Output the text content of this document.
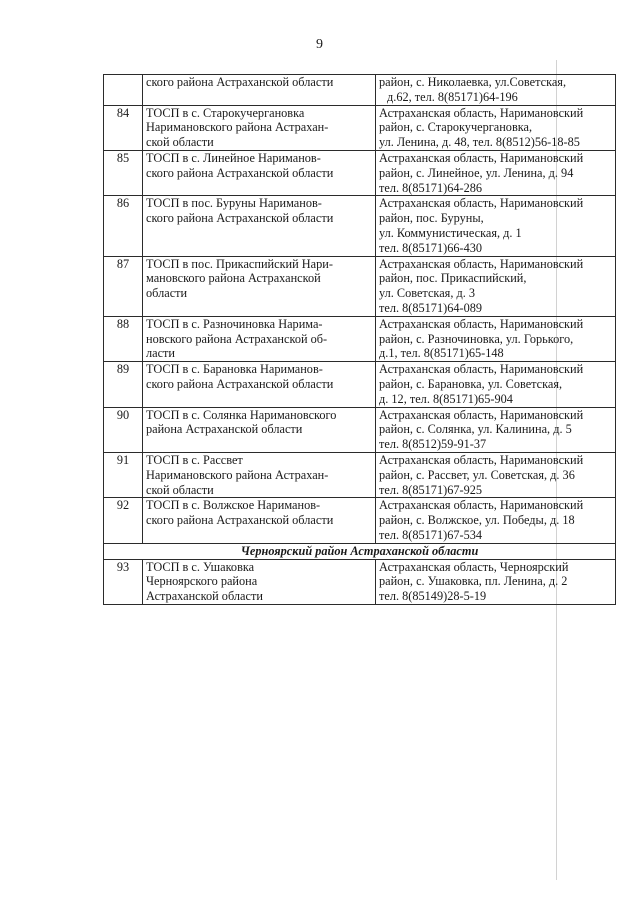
9

	ского района Астраханской области	район, с. Николаевка, ул.Советская,
д.62, тел. 8(85171)64-196

84	ТОСП в с. Старокучергановка
Наримановского района Астрахан-
ской области	Астраханская область, Наримановский
район, с. Старокучергановка,
ул. Ленина, д. 48, тел. 8(8512)56-18-85

85	ТОСП в с. Линейное Нариманов-
ского района Астраханской области	Астраханская область, Наримановский
район, с. Линейное, ул. Ленина, д. 94
тел. 8(85171)64-286

86	ТОСП в пос. Буруны Нариманов-
ского района Астраханской области	Астраханская область, Наримановский
район, пос. Буруны,
ул. Коммунистическая, д. 1
тел. 8(85171)66-430

87	ТОСП в пос. Прикаспийский Нари-
мановского района Астраханской
области	Астраханская область, Наримановский
район, пос. Прикаспийский,
ул. Советская, д. 3
тел. 8(85171)64-089

88	ТОСП в с. Разночиновка Нарима-
новского района Астраханской об-
ласти	Астраханская область, Наримановский
район, с. Разночиновка, ул. Горького,
д.1, тел. 8(85171)65-148

89	ТОСП в с. Барановка Нариманов-
ского района Астраханской области	Астраханская область, Наримановский
район, с. Барановка, ул. Советская,
д. 12, тел. 8(85171)65-904

90	ТОСП в с. Солянка Наримановского
района Астраханской области	Астраханская область, Наримановский
район, с. Солянка, ул. Калинина, д. 5
тел. 8(8512)59-91-37

91	ТОСП в с. Рассвет
Наримановского района Астрахан-
ской области	Астраханская область, Наримановский
район, с. Рассвет, ул. Советская, д. 36
тел. 8(85171)67-925

92	ТОСП в с. Волжское Нариманов-
ского района Астраханской области	Астраханская область, Наримановский
район, с. Волжское, ул. Победы, д. 18
тел. 8(85171)67-534

Черноярский район Астраханской области		
93	ТОСП в с. Ушаковка
Черноярского района
Астраханской области	Астраханская область, Черноярский
район, с. Ушаковка, пл. Ленина, д. 2
тел. 8(85149)28-5-19
